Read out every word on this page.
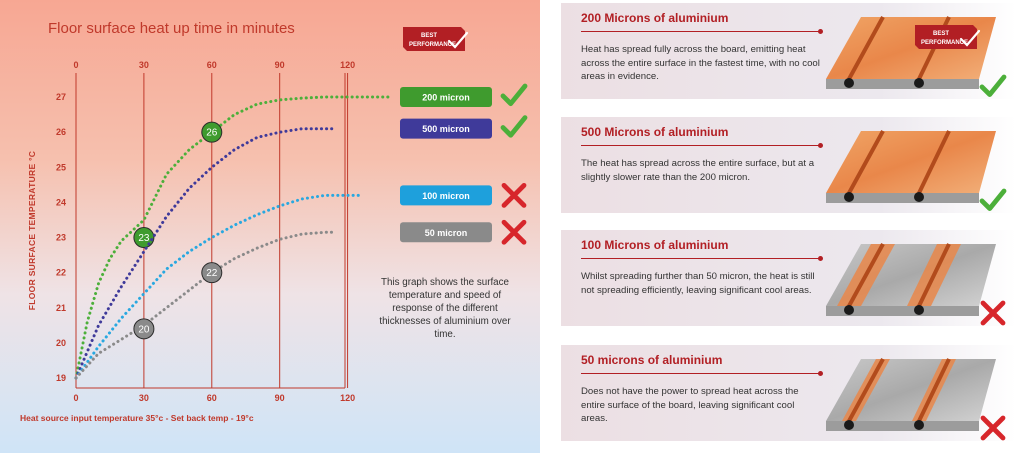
Floor surface heat up time in minutes
0
0
30
30
60
60
90
90
120
120
19
20
21
22
23
24
25
26
27
FLOOR SURFACE TEMPERATURE °C
200 micron
23
26	500 micron
100 micron
50 micron
20
22
BEST
PERFORMANCE
Heat source input temperature 35°c - Set back temp - 19°c
This graph shows the surface temperature and speed of response of the different thicknesses of aluminium over time.
200 Microns of aluminium
Heat has spread fully across the board, emitting heat across the entire surface in the fastest time, with no cool areas in evidence.
BEST
PERFORMANCE
500 Microns of aluminium
The heat has spread across the entire surface, but at a slightly slower rate than the 200 micron.
100 Microns of aluminium
Whilst spreading further than 50 micron, the heat is still not spreading efficiently, leaving significant cool areas.
50 microns of aluminium
Does not have the power to spread heat across the entire surface of the board, leaving significant cool areas.
